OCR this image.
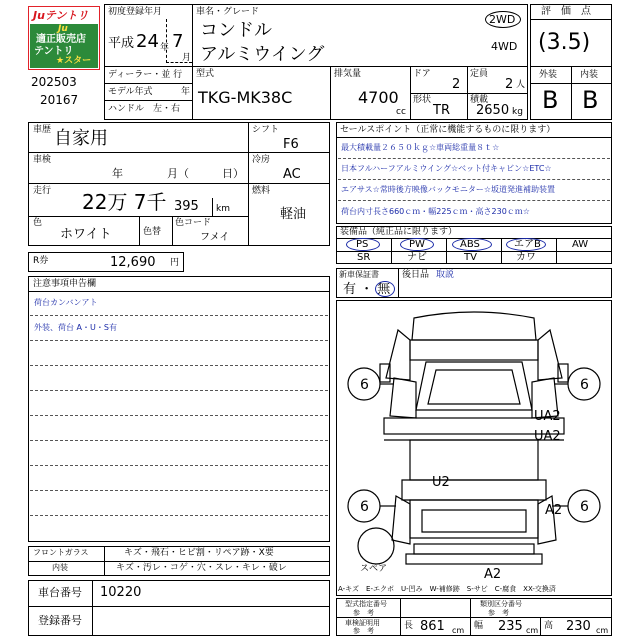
Juテントリ
Ju
適正販売店
テントリ
★スター
202503
20167
初度登録年月
平成 24 年 7
月
車名・グレード
コンドル
アルミウイング
2WD
4WD
ディーラー・並 行
モデル年式	年
ハンドル　左・右
型式
TKG-MK38C
排気量
4700
cc
ドア
2
定員
2 人
形状
TR
積載
2650 kg
評　価　点
(3.5)
外装	内装
B B
車歴 自家用
車検
年　　　　月（　　　日）
走行 22万 7千 395 km
色
ホワイト	色替
色コード
フメイ
シフト
F6
冷房
AC
燃料
軽油
R券	12,690 円
注意事項申告欄
荷台カンバンアト
外装、荷台 A・U・S有
セールスポイント（正常に機能するものに限ります）
最大積載量２６５０ｋｇ☆車両総重量８ｔ☆
日本フルハーフアルミウイング☆ベット付キャビン☆ETC☆
エアサス☆常時後方映像バックモニター☆坂道発進補助装置
荷台内寸長さ660ｃｍ・幅225ｃｍ・高さ230ｃｍ☆
装備品（純正品に限ります）
PS	PW	ABS	エアB	AW
SR	ナビ	TV	カワ
新車保証書
有 ・ 無
後日品 取説
6	6
6	6
UA2
UA2
U2
A2
A2
スペア
A-キズ　E-エクボ　U-凹み　W-補修跡　S-サビ　C-腐食　XX-交換済
フロントガラス	キズ・飛石・ヒビ割・リペア跡・X要
内装	キズ・汚レ・コゲ・穴・スレ・キレ・破レ
車台番号 10220
登録番号
型式指定番号
参　考
類別区分番号
参　考
車検証明用
参　考	長 861 cm 幅 235 cm 高 230 cm
